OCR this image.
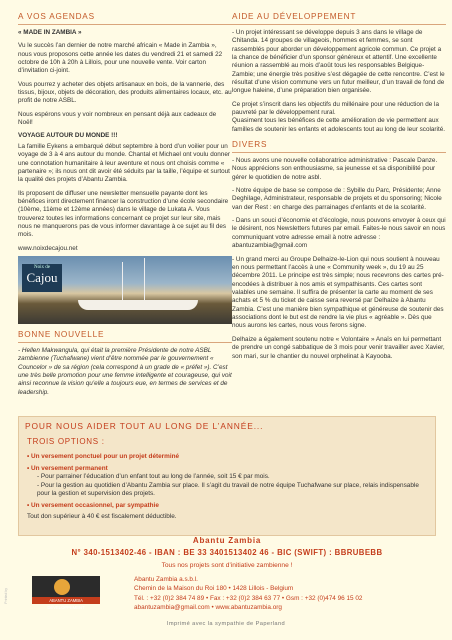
A VOS AGENDAS

« MADE IN ZAMBIA »

Vu le succès l’an dernier de notre marché africain « Made in Zambia », nous vous proposons cette année les dates du vendredi 21 et samedi 22 octobre de 10h à 20h à Lillois, pour une nouvelle vente. Voir carton d’invitation ci-joint.

Vous pourrez y acheter des objets artisanaux en bois, de la vannerie, des tissus, bijoux, objets de décoration, des produits alimentaires locaux, etc. au profit de notre ASBL.

Nous espérons vous y voir nombreux en pensant déjà aux cadeaux de Noël!

VOYAGE AUTOUR DU MONDE !!!

La famille Eykens a embarqué début septembre à bord d’un voilier pour un voyage de 3 à 4 ans autour du monde. Chantal et Michael ont voulu donner une connotation humanitaire à leur aventure et nous ont choisis comme « partenaire »; ils nous ont dit avoir été séduits par la taille, l’équipe et surtout la qualité des projets d’Abantu Zambia.

Ils proposent de diffuser une newsletter mensuelle payante dont les bénéfices iront directement financer la construction d’une école secondaire (10ème, 11ème et 12ème années) dans le village de Lukata A. Vous trouverez toutes les informations concernant ce projet sur leur site, mais nous ne manquerons pas de vous informer davantage à ce sujet au fil des mois.

www.noixdecajou.net

Noix de
Cajou
BONNE NOUVELLE

- Hellen Makwangula, qui était la première Présidente de notre ASBL zambienne (Tuchafwane) vient d’être nommée par le gouvernement « Councelor » de sa région (cela correspond à un grade de « préfet »). C’est une très belle promotion pour une femme intelligente et courageuse, qui voit ainsi reconnue la vision qu’elle a toujours eue, en termes de services et de leadership.

AIDE AU DÉVELOPPEMENT

- Un projet intéressant se développe depuis 3 ans dans le village de Chitanda. 14 groupes de villageois, hommes et femmes, se sont rassemblés pour aborder un développement agricole commun. Ce projet a la chance de bénéficier d’un sponsor généreux et attentif. Une excellente réunion a rassemblé au mois d’août tous les responsables Belgique-Zambie; une énergie très positive s’est dégagée de cette rencontre. C’est le résultat d’une vision commune vers un futur meilleur, d’un travail de fond de longue haleine, d’une préparation bien organisée.

Ce projet s’inscrit dans les objectifs du millénaire pour une réduction de la pauvreté par le développement rural.

Quasiment tous les bénéfices de cette amélioration de vie permettent aux familles de soutenir les enfants et adolescents tout au long de leur scolarité.

DIVERS

- Nous avons une nouvelle collaboratrice administrative : Pascale Danze. Nous apprécions son enthousiasme, sa jeunesse et sa disponibilité pour gérer le quotidien de notre asbl.

- Notre équipe de base se compose de : Sybille du Parc, Présidente; Anne Deghilage, Administrateur, responsable de projets et du sponsoring; Nicole van der Rest : en charge des parrainages d’enfants et de la scolarité.

- Dans un souci d’économie et d’écologie, nous pouvons envoyer à ceux qui le désirent, nos Newsletters futures par email. Faites-le nous savoir en nous communiquant votre adresse email à notre adresse : abantuzambia@gmail.com

- Un grand merci au Groupe Delhaize-le-Lion qui nous soutient à nouveau en nous permettant l’accès à une « Community week », du 19 au 25 décembre 2011. Le principe est très simple; nous recevrons des cartes pré-encodées à distribuer à nos amis et sympathisants. Ces cartes sont valables une semaine. Il suffira de présenter la carte au moment de ses achats et 5 % du ticket de caisse sera reversé par Delhaize à Abantu Zambia. C’est une manière bien sympathique et généreuse de soutenir des associations dont le but est de rendre la vie plus « agréable ». Dès que nous aurons les cartes, nous vous ferons signe.

Delhaize a également soutenu notre « Volontaire » Anaïs en lui permettant de prendre un congé sabbatique de 3 mois pour venir travailler avec Xavier, son mari, sur le chantier du nouvel orphelinat à Kayooba.

POUR NOUS AIDER TOUT AU LONG DE L’ANNÉE...
TROIS OPTIONS :
• Un versement ponctuel pour un projet déterminé
• Un versement permanent
- Pour parrainer l’éducation d’un enfant tout au long de l’année, soit 15 € par mois.
- Pour la gestion au quotidien d’Abantu Zambia sur place. Il s’agit du travail de notre équipe Tuchafwane sur place, relais indispensable pour la gestion et supervision des projets.
• Un versement occasionnel, par sympathie
Tout don supérieur à 40 € est fiscalement déductible.
Abantu Zambia
N° 340-1513402-46 - IBAN : BE 33 3401513402 46 - BIC (SWIFT) : BBRUBEBB
Tous nos projets sont d’initiative zambienne !
ABANTU ZAMBIA DÉVELOPPEMENT
Abantu Zambia a.s.b.l.
Chemin de la Maison du Roi 180 • 1428 Lillois - Belgium
Tél. : +32 (0)2 384 74 89 • Fax : +32 (0)2 384 63 77 • Gsm : +32 (0)474 96 15 02
abantuzambia@gmail.com • www.abantuzambia.org
Imprimé avec la sympathie de Paperland
Printed by
